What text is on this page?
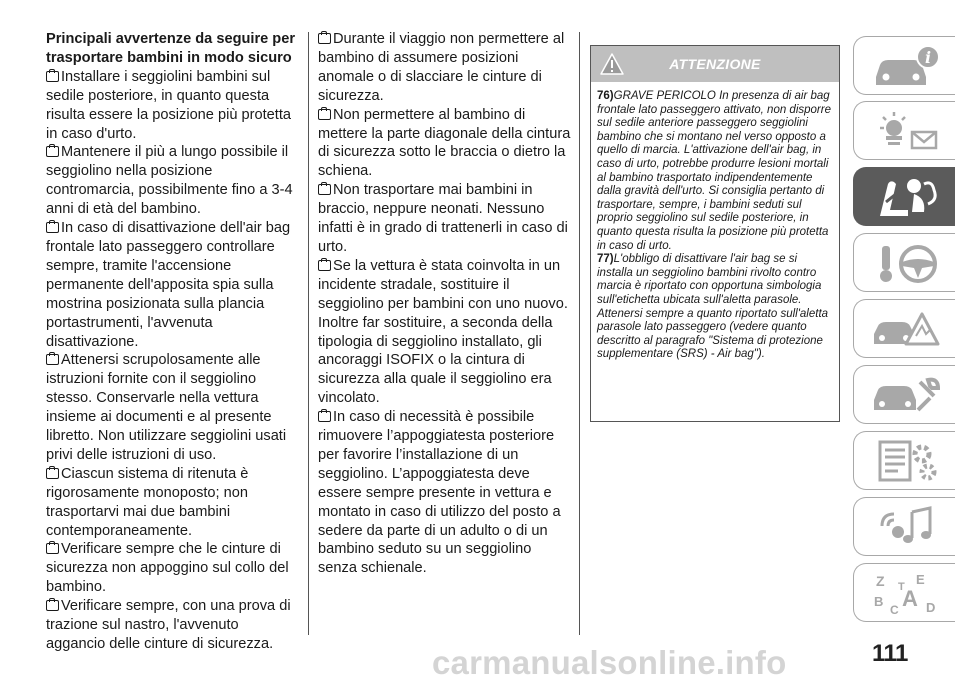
Principali avvertenze da seguire per trasportare bambini in modo sicuro

Installare i seggiolini bambini sul sedile posteriore, in quanto questa risulta essere la posizione più protetta in caso d'urto.

Mantenere il più a lungo possibile il seggiolino nella posizione contromarcia, possibilmente fino a 3-4 anni di età del bambino.

In caso di disattivazione dell'air bag frontale lato passeggero controllare sempre, tramite l'accensione permanente dell'apposita spia sulla mostrina posizionata sulla plancia portastrumenti, l'avvenuta disattivazione.

Attenersi scrupolosamente alle istruzioni fornite con il seggiolino stesso. Conservarle nella vettura insieme ai documenti e al presente libretto. Non utilizzare seggiolini usati privi delle istruzioni di uso.

Ciascun sistema di ritenuta è rigorosamente monoposto; non trasportarvi mai due bambini contemporaneamente.

Verificare sempre che le cinture di sicurezza non appoggino sul collo del bambino.

Verificare sempre, con una prova di trazione sul nastro, l'avvenuto aggancio delle cinture di sicurezza.

Durante il viaggio non permettere al bambino di assumere posizioni anomale o di slacciare le cinture di sicurezza.

Non permettere al bambino di mettere la parte diagonale della cintura di sicurezza sotto le braccia o dietro la schiena.

Non trasportare mai bambini in braccio, neppure neonati. Nessuno infatti è in grado di trattenerli in caso di urto.

Se la vettura è stata coinvolta in un incidente stradale, sostituire il seggiolino per bambini con uno nuovo. Inoltre far sostituire, a seconda della tipologia di seggiolino installato, gli ancoraggi ISOFIX o la cintura di sicurezza alla quale il seggiolino era vincolato.

In caso di necessità è possibile rimuovere l’appoggiatesta posteriore per favorire l’installazione di un seggiolino. L’appoggiatesta deve essere sempre presente in vettura e montato in caso di utilizzo del posto a sedere da parte di un adulto o di un bambino seduto su un seggiolino senza schienale.

ATTENZIONE

76)GRAVE PERICOLO In presenza di air bag frontale lato passeggero attivato, non disporre sul sedile anteriore passeggero seggiolini bambino che si montano nel verso opposto a quello di marcia. L'attivazione dell'air bag, in caso di urto, potrebbe produrre lesioni mortali al bambino trasportato indipendentemente dalla gravità dell'urto. Si consiglia pertanto di trasportare, sempre, i bambini seduti sul proprio seggiolino sul sedile posteriore, in quanto questa risulta la posizione più protetta in caso di urto.

77)L'obbligo di disattivare l'air bag se si installa un seggiolino bambini rivolto contro marcia è riportato con opportuna simbologia sull'etichetta ubicata sull'aletta parasole. Attenersi sempre a quanto riportato sull'aletta parasole lato passeggero (vedere quanto descritto al paragrafo "Sistema di protezione supplementare (SRS) - Air bag").

i
Z E
B A
C
T
D
carmanualsonline.info	111
